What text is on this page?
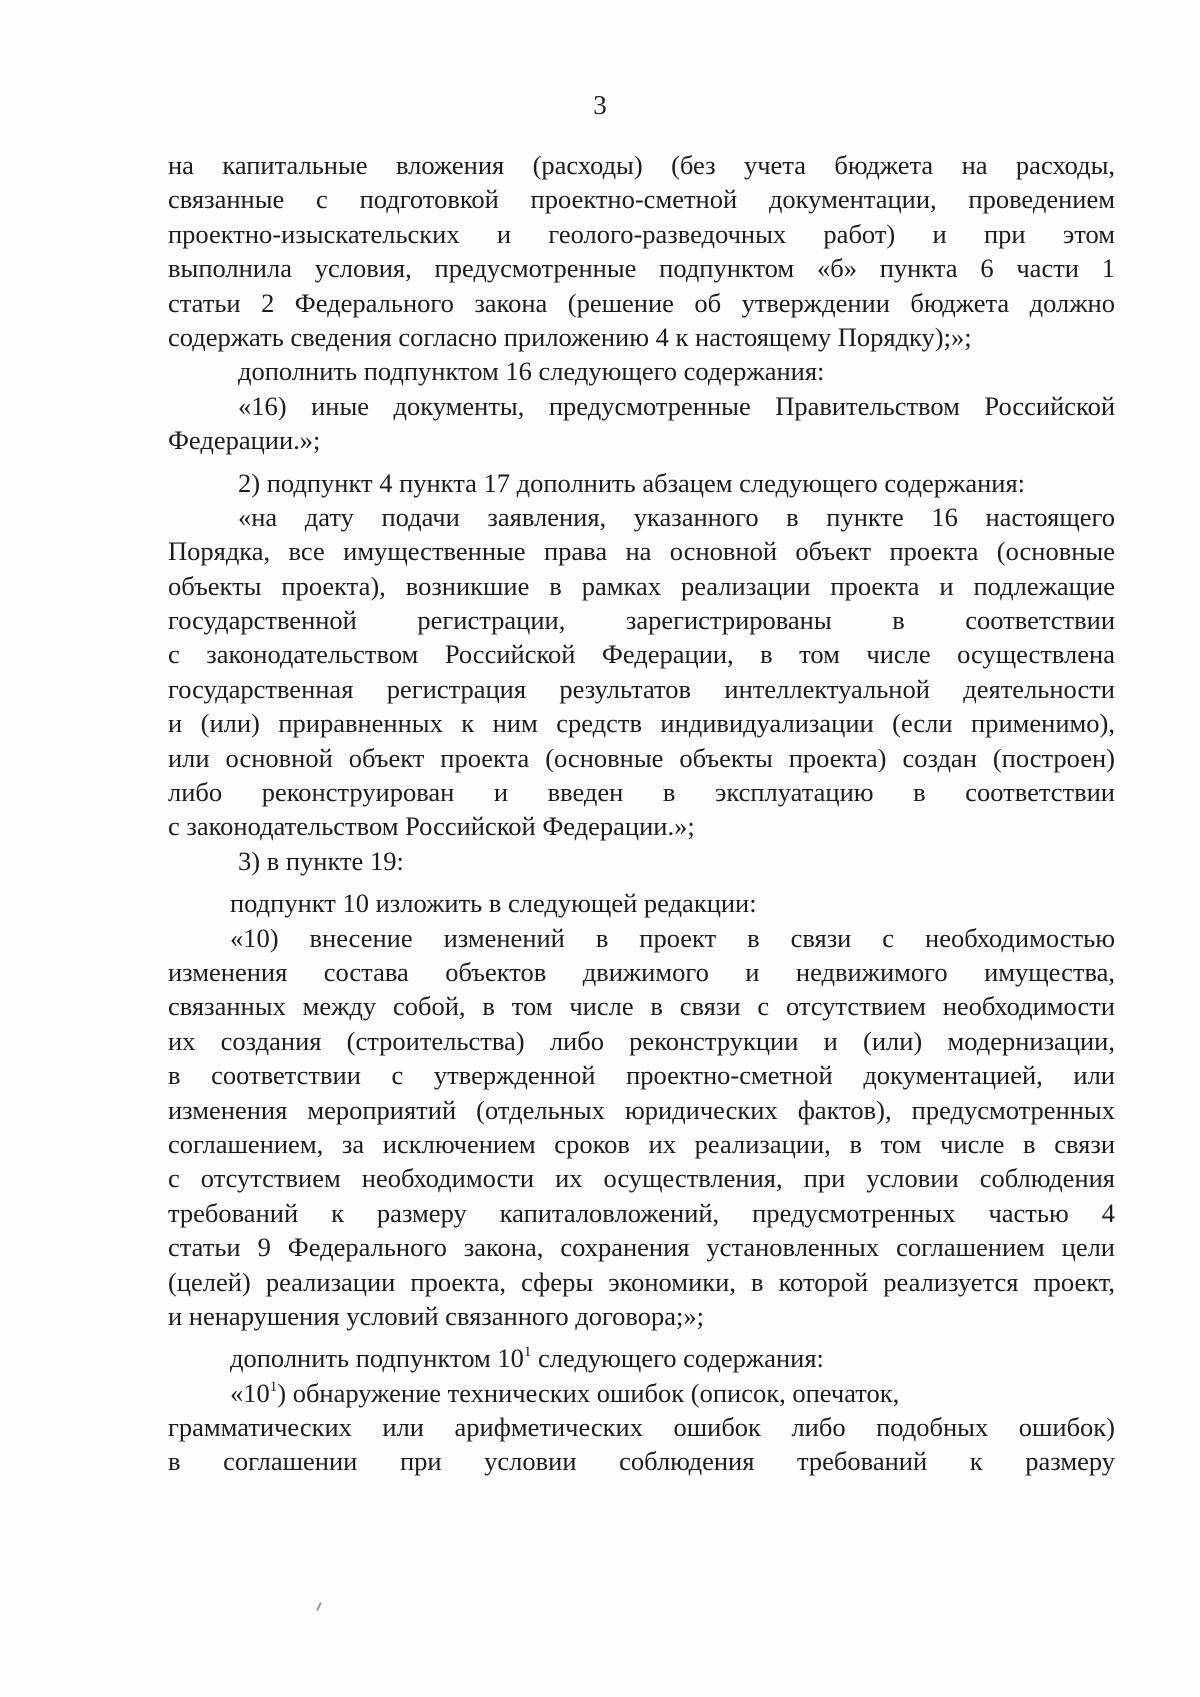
3
на капитальные вложения (расходы) (без учета бюджета на расходы,
связанные с подготовкой проектно-сметной документации, проведением
проектно-изыскательских и геолого-разведочных работ) и при этом
выполнила условия, предусмотренные подпунктом «б» пункта 6 части 1
статьи 2 Федерального закона (решение об утверждении бюджета должно
содержать сведения согласно приложению 4 к настоящему Порядку);»;
дополнить подпунктом 16 следующего содержания:
«16) иные документы, предусмотренные Правительством Российской
Федерации.»;
2) подпункт 4 пункта 17 дополнить абзацем следующего содержания:
«на дату подачи заявления, указанного в пункте 16 настоящего
Порядка, все имущественные права на основной объект проекта (основные
объекты проекта), возникшие в рамках реализации проекта и подлежащие
государственной регистрации, зарегистрированы в соответствии
с законодательством Российской Федерации, в том числе осуществлена
государственная регистрация результатов интеллектуальной деятельности
и (или) приравненных к ним средств индивидуализации (если применимо),
или основной объект проекта (основные объекты проекта) создан (построен)
либо реконструирован и введен в эксплуатацию в соответствии
с законодательством Российской Федерации.»;
3) в пункте 19:
подпункт 10 изложить в следующей редакции:
«10) внесение изменений в проект в связи с необходимостью
изменения состава объектов движимого и недвижимого имущества,
связанных между собой, в том числе в связи с отсутствием необходимости
их создания (строительства) либо реконструкции и (или) модернизации,
в соответствии с утвержденной проектно-сметной документацией, или
изменения мероприятий (отдельных юридических фактов), предусмотренных
соглашением, за исключением сроков их реализации, в том числе в связи
с отсутствием необходимости их осуществления, при условии соблюдения
требований к размеру капиталовложений, предусмотренных частью 4
статьи 9 Федерального закона, сохранения установленных соглашением цели
(целей) реализации проекта, сферы экономики, в которой реализуется проект,
и ненарушения условий связанного договора;»;
дополнить подпунктом $10^1$ следующего содержания:
«$10^1$) обнаружение технических ошибок (описок, опечаток,
грамматических или арифметических ошибок либо подобных ошибок)
в соглашении при условии соблюдения требований к размеру
